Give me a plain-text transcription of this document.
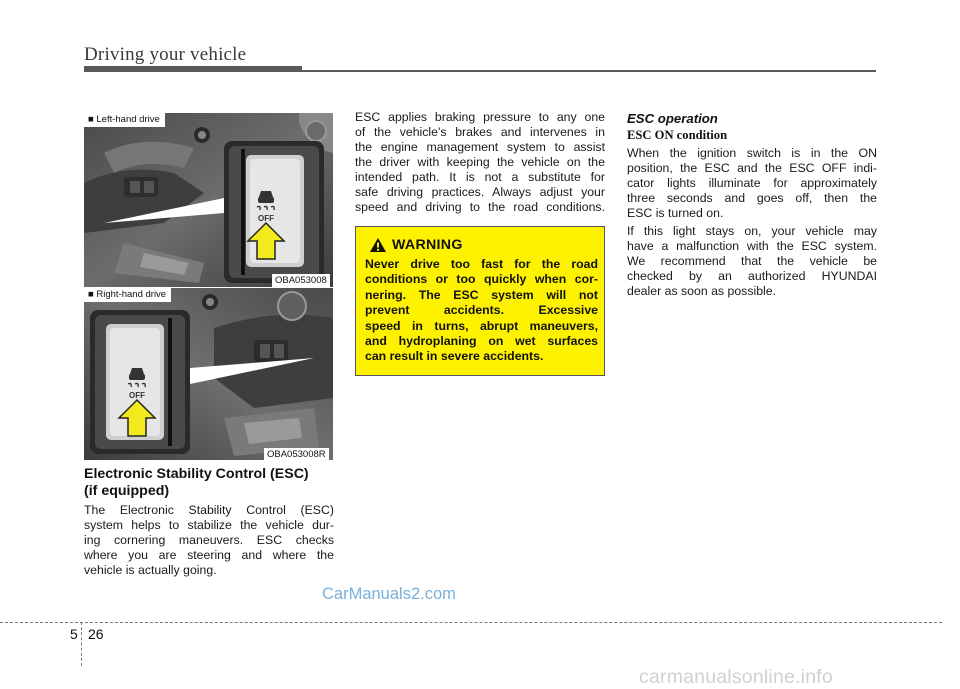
Driving your vehicle
OFF
■ Left-hand drive
OBA053008
OFF
■ Right-hand drive
OBA053008R
Electronic Stability Control (ESC)
(if equipped)
The Electronic Stability Control (ESC)
system helps to stabilize the vehicle dur-
ing cornering maneuvers. ESC checks
where you are steering and where the
vehicle is actually going.
ESC applies braking pressure to any one
of the vehicle's brakes and intervenes in
the engine management system to assist
the driver with keeping the vehicle on the
intended path. It is not a substitute for
safe driving practices. Always adjust your
speed and driving to the road conditions.
WARNING
Never drive too fast for the road
conditions or too quickly when cor-
nering. The ESC system will not
prevent accidents. Excessive
speed in turns, abrupt maneuvers,
and hydroplaning on wet surfaces
can result in severe accidents.
ESC operation
ESC ON condition
When the ignition switch is in the ON
position, the ESC and the ESC OFF indi-
cator lights illuminate for approximately
three seconds and goes off, then the
ESC is turned on.
If this light stays on, your vehicle may
have a malfunction with the ESC system.
We recommend that the vehicle be
checked by an authorized HYUNDAI
dealer as soon as possible.
CarManuals2.com
carmanualsonline.info
5 26
